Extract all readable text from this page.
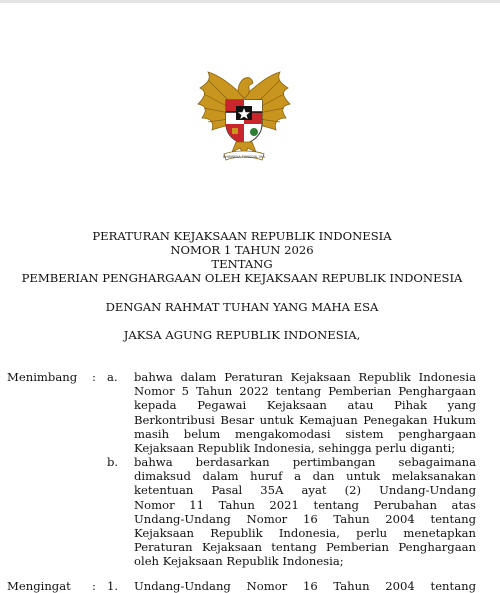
BHINNEKA TUNGGAL IKA
PERATURAN KEJAKSAAN REPUBLIK INDONESIA
NOMOR 1 TAHUN 2026
TENTANG
PEMBERIAN PENGHARGAAN OLEH KEJAKSAAN REPUBLIK INDONESIA
DENGAN RAHMAT TUHAN YANG MAHA ESA
JAKSA AGUNG REPUBLIK INDONESIA,
Menimbang : a. bahwa dalam Peraturan Kejaksaan Republik Indonesia
Nomor 5 Tahun 2022 tentang Pemberian Penghargaan
kepada Pegawai Kejaksaan atau Pihak yang
Berkontribusi Besar untuk Kemajuan Penegakan Hukum
masih belum mengakomodasi sistem penghargaan
Kejaksaan Republik Indonesia, sehingga perlu diganti;
b. bahwa berdasarkan pertimbangan sebagaimana
dimaksud dalam huruf a dan untuk melaksanakan
ketentuan Pasal 35A ayat (2) Undang-Undang
Nomor 11 Tahun 2021 tentang Perubahan atas
Undang-Undang Nomor 16 Tahun 2004 tentang
Kejaksaan Republik Indonesia, perlu menetapkan
Peraturan Kejaksaan tentang Pemberian Penghargaan
oleh Kejaksaan Republik Indonesia;
Mengingat : 1. Undang-Undang Nomor 16 Tahun 2004 tentang
